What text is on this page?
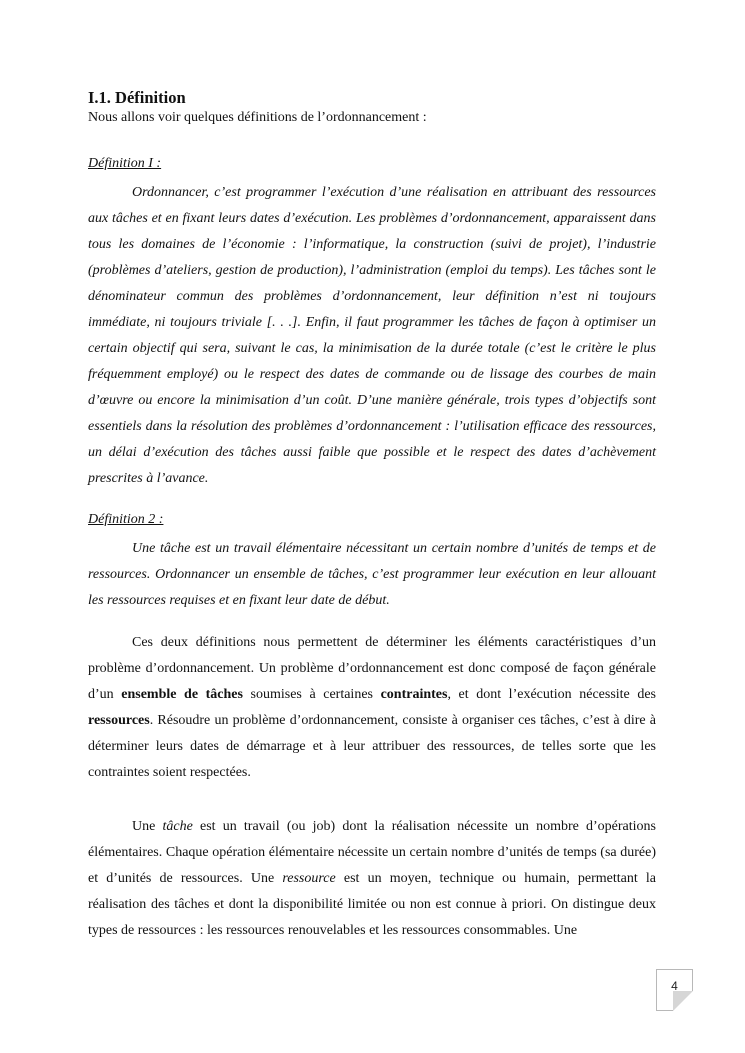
I.1. Définition

Nous allons voir quelques définitions de l’ordonnancement :

Définition I :

Ordonnancer, c’est programmer l’exécution d’une réalisation en attribuant des ressources aux tâches et en fixant leurs dates d’exécution. Les problèmes d’ordonnancement, apparaissent dans tous les domaines de l’économie : l’informatique, la construction (suivi de projet), l’industrie (problèmes d’ateliers, gestion de production), l’administration (emploi du temps). Les tâches sont le dénominateur commun des problèmes d’ordonnancement, leur définition n’est ni toujours immédiate, ni toujours triviale [. . .]. Enfin, il faut programmer les tâches de façon à optimiser un certain objectif qui sera, suivant le cas, la minimisation de la durée totale (c’est le critère le plus fréquemment employé) ou le respect des dates de commande ou de lissage des courbes de main d’œuvre ou encore la minimisation d’un coût. D’une manière générale, trois types d’objectifs sont essentiels dans la résolution des problèmes d’ordonnancement : l’utilisation efficace des ressources, un délai d’exécution des tâches aussi faible que possible et le respect des dates d’achèvement prescrites à l’avance.

Définition 2 :

Une tâche est un travail élémentaire nécessitant un certain nombre d’unités de temps et de ressources. Ordonnancer un ensemble de tâches, c’est programmer leur exécution en leur allouant les ressources requises et en fixant leur date de début.

Ces deux définitions nous permettent de déterminer les éléments caractéristiques d’un problème d’ordonnancement. Un problème d’ordonnancement est donc composé de façon générale d’un ensemble de tâches soumises à certaines contraintes, et dont l’exécution nécessite des ressources. Résoudre un problème d’ordonnancement, consiste à organiser ces tâches, c’est à dire à déterminer leurs dates de démarrage et à leur attribuer des ressources, de telles sorte que les contraintes soient respectées.

Une tâche est un travail (ou job) dont la réalisation nécessite un nombre d’opérations élémentaires. Chaque opération élémentaire nécessite un certain nombre d’unités de temps (sa durée) et d’unités de ressources. Une ressource est un moyen, technique ou humain, permettant la réalisation des tâches et dont la disponibilité limitée ou non est connue à priori. On distingue deux types de ressources : les ressources renouvelables et les ressources consommables. Une

4
